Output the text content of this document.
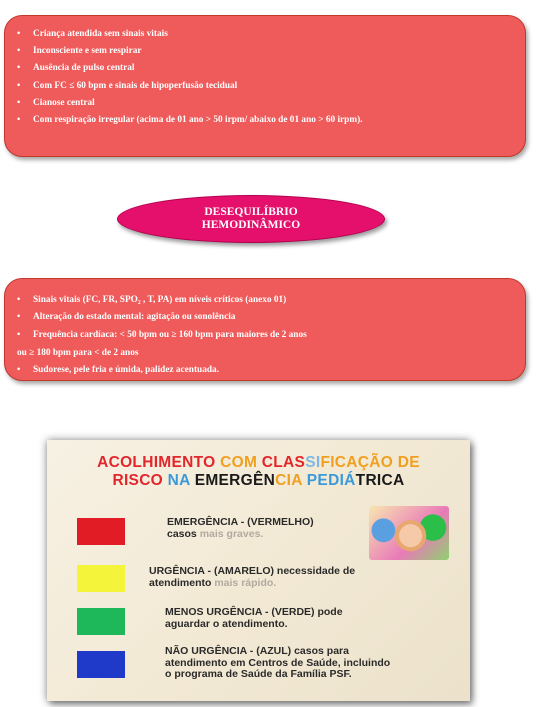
•	Criança atendida sem sinais vitais
•	Inconsciente e sem respirar
•	Ausência de pulso central
•	Com FC ≤ 60 bpm e sinais de hipoperfusão tecidual
•	Cianose central
•	Com respiração irregular (acima de 01 ano > 50 irpm/ abaixo de 01 ano > 60 irpm).
DESEQUILÍBRIO
HEMODINÂMICO
•	Sinais vitais (FC, FR, SPO₂ , T, PA) em níveis críticos (anexo 01)
•	Alteração do estado mental: agitação ou sonolência
•	Frequência cardíaca: < 50 bpm ou ≥ 160 bpm para maiores de 2 anos
ou ≥ 180 bpm para < de 2 anos
•	Sudorese, pele fria e úmida, palidez acentuada.
ACOLHIMENTO COM CLASSIFICAÇÃO DE
RISCO NA EMERGÊNCIA PEDIÁTRICA
EMERGÊNCIA - (VERMELHO)
casos mais graves.
URGÊNCIA - (AMARELO) necessidade de
atendimento mais rápido.
MENOS URGÊNCIA - (VERDE) pode
aguardar o atendimento.
NÃO URGÊNCIA - (AZUL) casos para
atendimento em Centros de Saúde, incluindo
o programa de Saúde da Família PSF.
